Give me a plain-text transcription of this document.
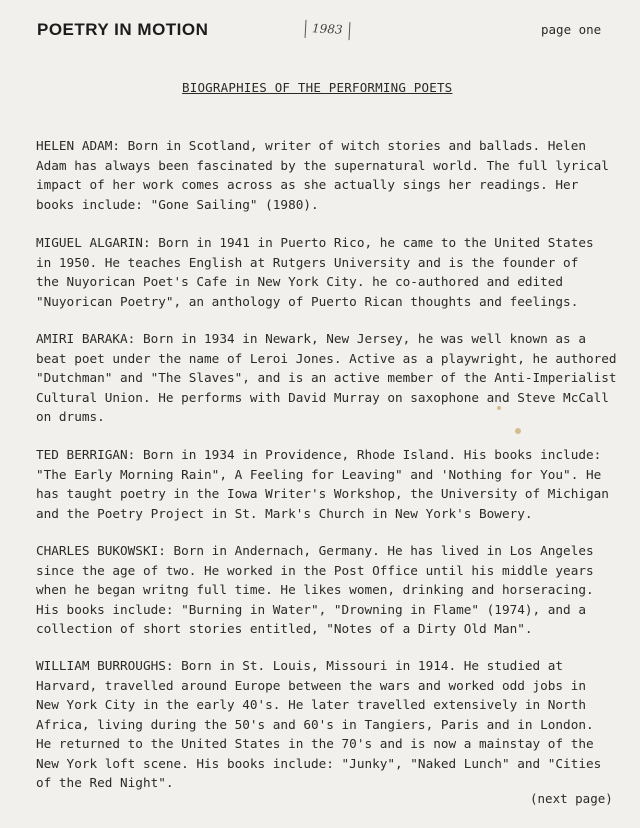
POETRY IN MOTION	1983	page one
BIOGRAPHIES OF THE PERFORMING POETS
HELEN ADAM: Born in Scotland, writer of witch stories and ballads. Helen
Adam has always been fascinated by the supernatural world. The full lyrical
impact of her work comes across as she actually sings her readings. Her
books include: "Gone Sailing" (1980).
MIGUEL ALGARIN: Born in 1941 in Puerto Rico, he came to the United States
in 1950. He teaches English at Rutgers University and is the founder of
the Nuyorican Poet's Cafe in New York City. he co-authored and edited
"Nuyorican Poetry", an anthology of Puerto Rican thoughts and feelings.
AMIRI BARAKA: Born in 1934 in Newark, New Jersey, he was well known as a
beat poet under the name of Leroi Jones. Active as a playwright, he authored
"Dutchman" and "The Slaves", and is an active member of the Anti-Imperialist
Cultural Union. He performs with David Murray on saxophone and Steve McCall
on drums.
TED BERRIGAN: Born in 1934 in Providence, Rhode Island. His books include:
"The Early Morning Rain", A Feeling for Leaving" and 'Nothing for You". He
has taught poetry in the Iowa Writer's Workshop, the University of Michigan
and the Poetry Project in St. Mark's Church in New York's Bowery.
CHARLES BUKOWSKI: Born in Andernach, Germany. He has lived in Los Angeles
since the age of two. He worked in the Post Office until his middle years
when he began writng full time. He likes women, drinking and horseracing.
His books include: "Burning in Water", "Drowning in Flame" (1974), and a
collection of short stories entitled, "Notes of a Dirty Old Man".
WILLIAM BURROUGHS: Born in St. Louis, Missouri in 1914. He studied at
Harvard, travelled around Europe between the wars and worked odd jobs in
New York City in the early 40's. He later travelled extensively in North
Africa, living during the 50's and 60's in Tangiers, Paris and in London.
He returned to the United States in the 70's and is now a mainstay of the
New York loft scene. His books include: "Junky", "Naked Lunch" and "Cities
of the Red Night".
(next page)
